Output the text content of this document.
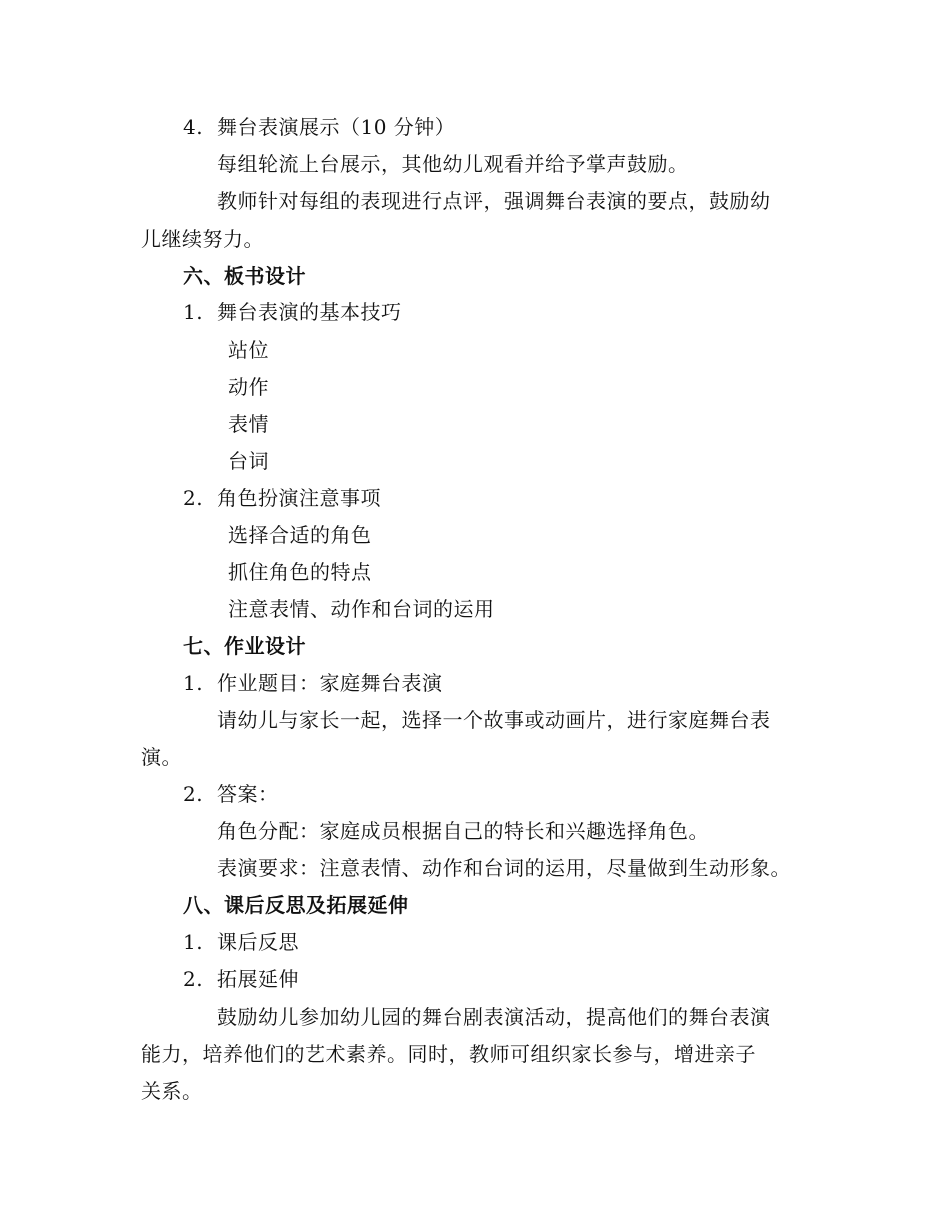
4. 舞台表演展示（10 分钟）
每组轮流上台展示，其他幼儿观看并给予掌声鼓励。
教师针对每组的表现进行点评，强调舞台表演的要点，鼓励幼
儿继续努力。
六、板书设计
1. 舞台表演的基本技巧
站位
动作
表情
台词
2. 角色扮演注意事项
选择合适的角色
抓住角色的特点
注意表情、动作和台词的运用
七、作业设计
1. 作业题目：家庭舞台表演
请幼儿与家长一起，选择一个故事或动画片，进行家庭舞台表
演。
2. 答案：
角色分配：家庭成员根据自己的特长和兴趣选择角色。
表演要求：注意表情、动作和台词的运用，尽量做到生动形象。
八、课后反思及拓展延伸
1. 课后反思
2. 拓展延伸
鼓励幼儿参加幼儿园的舞台剧表演活动，提高他们的舞台表演
能力，培养他们的艺术素养。同时，教师可组织家长参与，增进亲子
关系。
